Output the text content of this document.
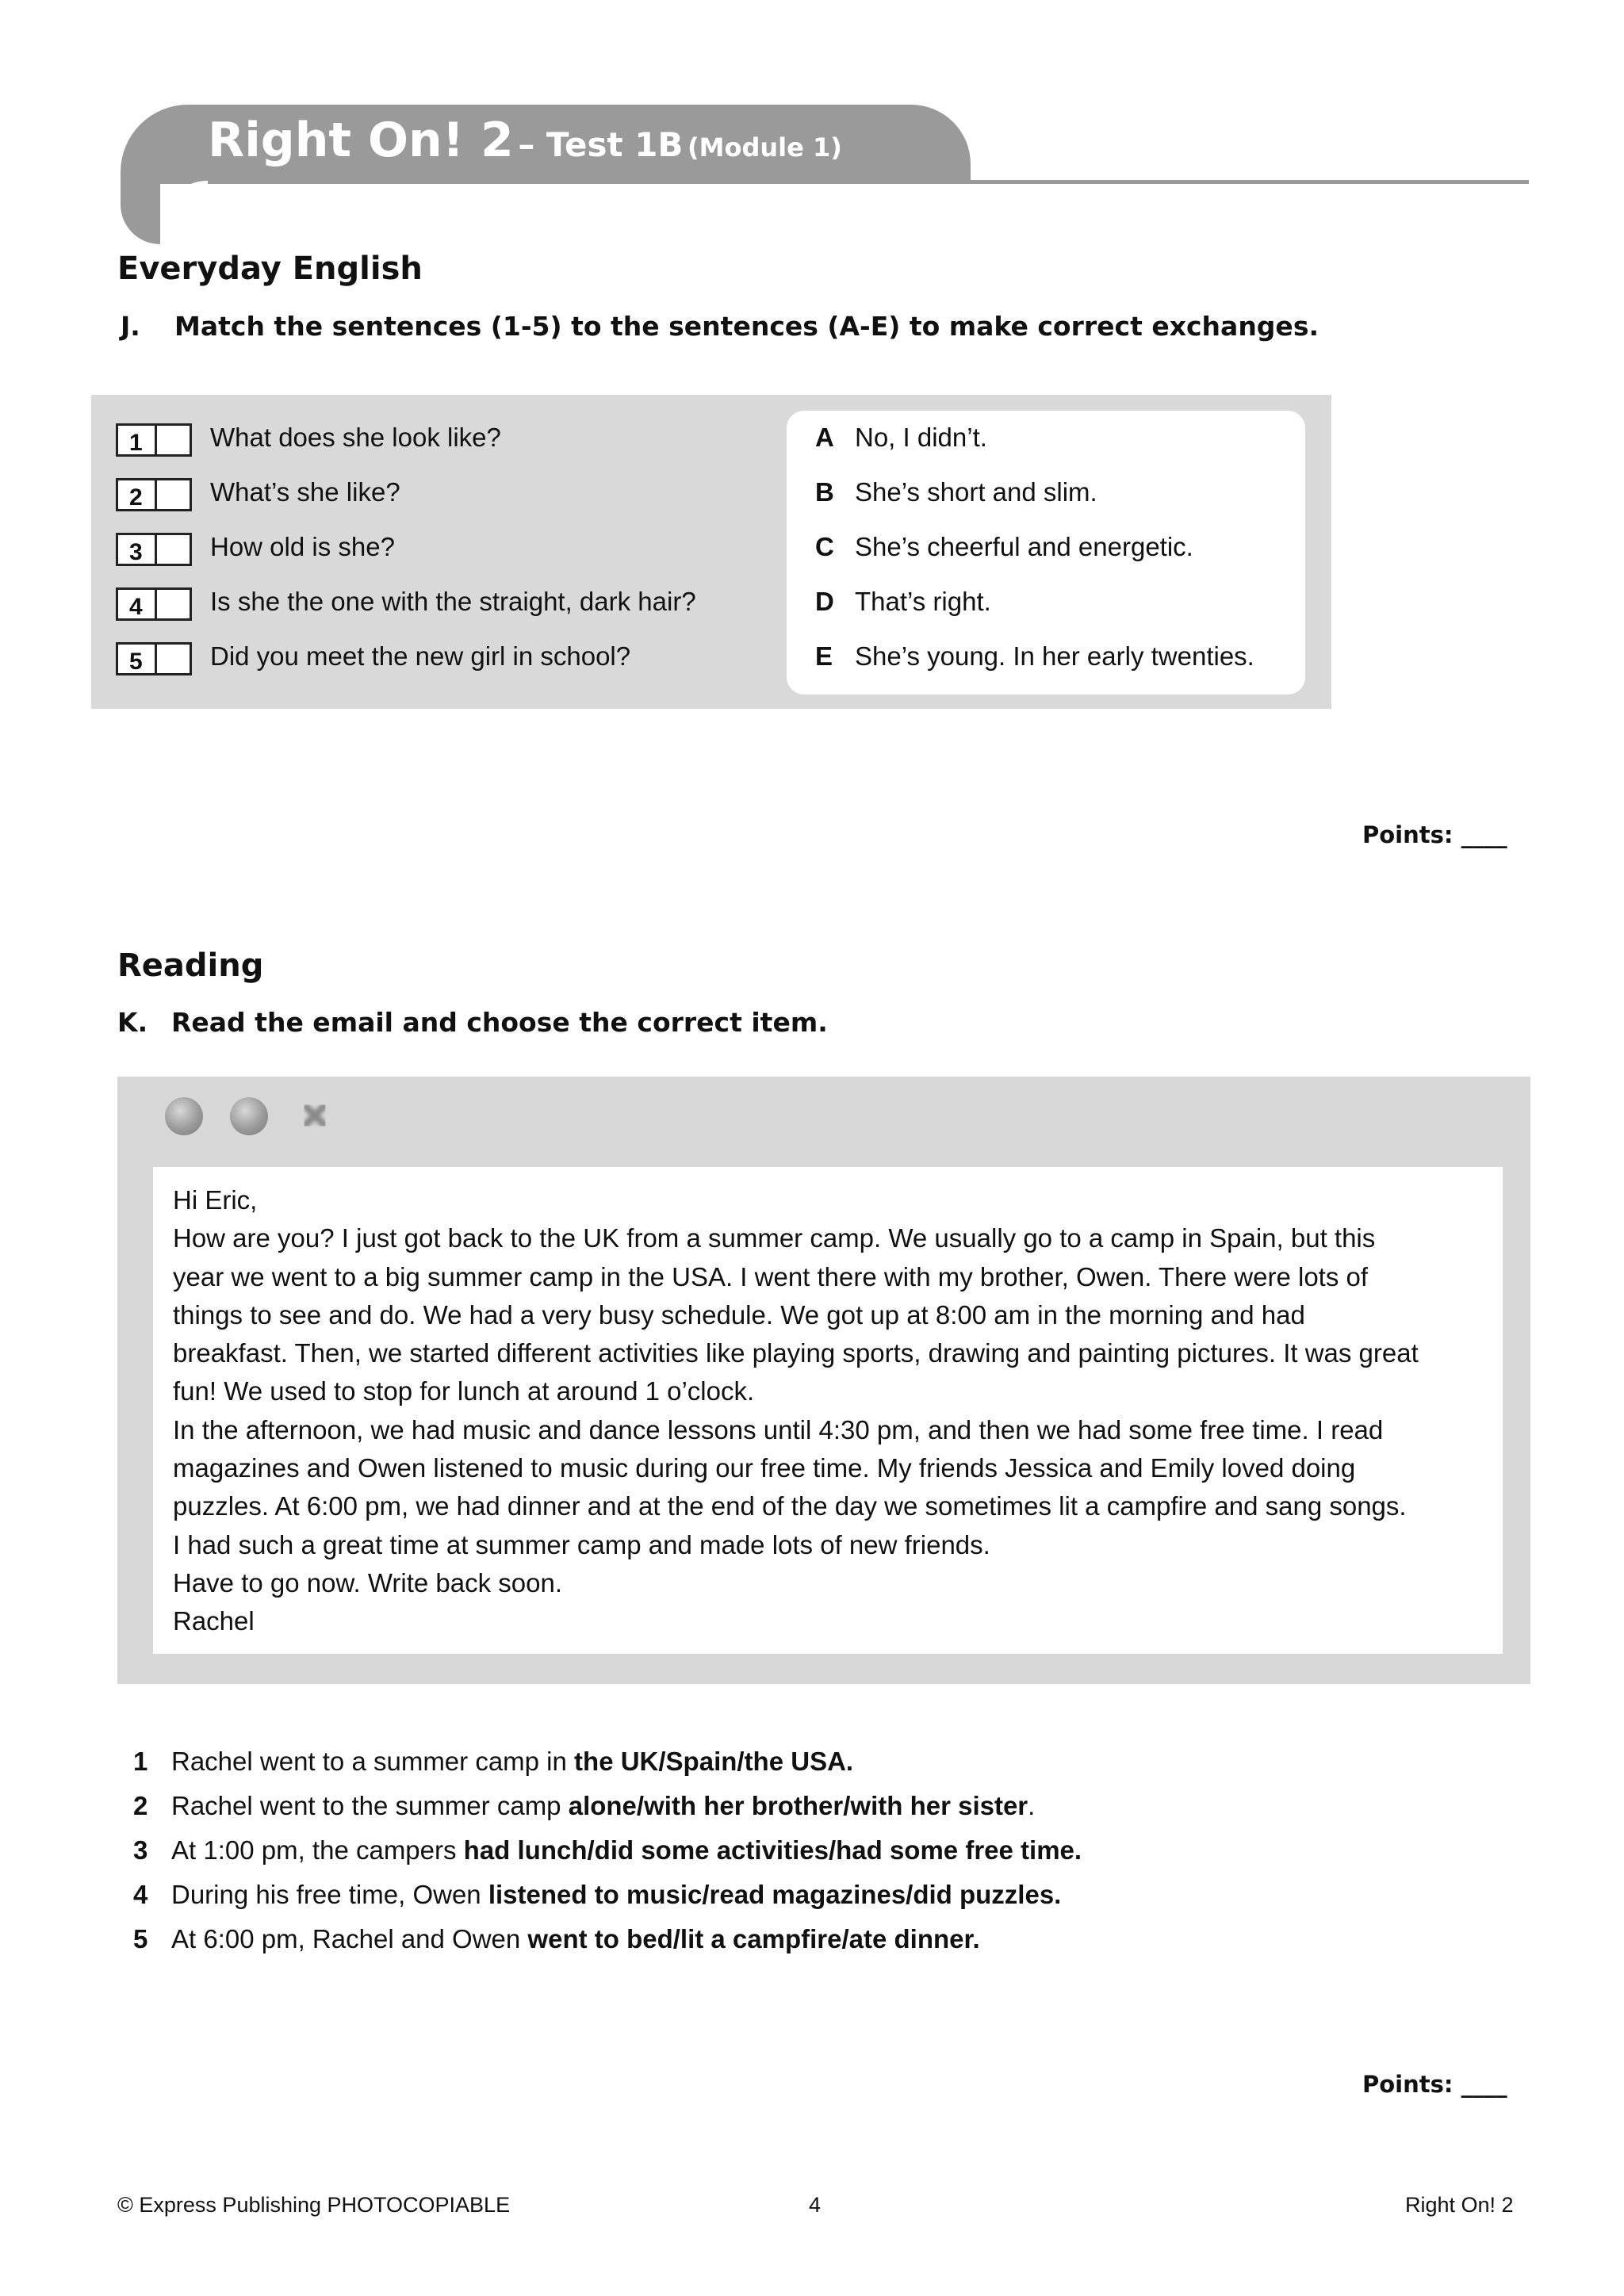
Right On! 2 – Test 1B (Module 1)
Everyday English
J. Match the sentences (1-5) to the sentences (A-E) to make correct exchanges.
1
2
3
4
5
What does she look like?
What’s she like?
How old is she?
Is she the one with the straight, dark hair?
Did you meet the new girl in school?
A
B
C
D
E
No, I didn’t.
She’s short and slim.
She’s cheerful and energetic.
That’s right.
She’s young. In her early twenties.
Points: ____
Reading
K. Read the email and choose the correct item.
Hi Eric,
How are you? I just got back to the UK from a summer camp. We usually go to a camp in Spain, but this
year we went to a big summer camp in the USA. I went there with my brother, Owen. There were lots of
things to see and do. We had a very busy schedule. We got up at 8:00 am in the morning and had
breakfast. Then, we started different activities like playing sports, drawing and painting pictures. It was great
fun! We used to stop for lunch at around 1 o’clock.
In the afternoon, we had music and dance lessons until 4:30 pm, and then we had some free time. I read
magazines and Owen listened to music during our free time. My friends Jessica and Emily loved doing
puzzles. At 6:00 pm, we had dinner and at the end of the day we sometimes lit a campfire and sang songs.
I had such a great time at summer camp and made lots of new friends.
Have to go now. Write back soon.
Rachel
1 Rachel went to a summer camp in the UK/Spain/the USA.
2 Rachel went to the summer camp alone/with her brother/with her sister.
3 At 1:00 pm, the campers had lunch/did some activities/had some free time.
4 During his free time, Owen listened to music/read magazines/did puzzles.
5 At 6:00 pm, Rachel and Owen went to bed/lit a campfire/ate dinner.
Points: ____
© Express Publishing PHOTOCOPIABLE	4	Right On! 2
